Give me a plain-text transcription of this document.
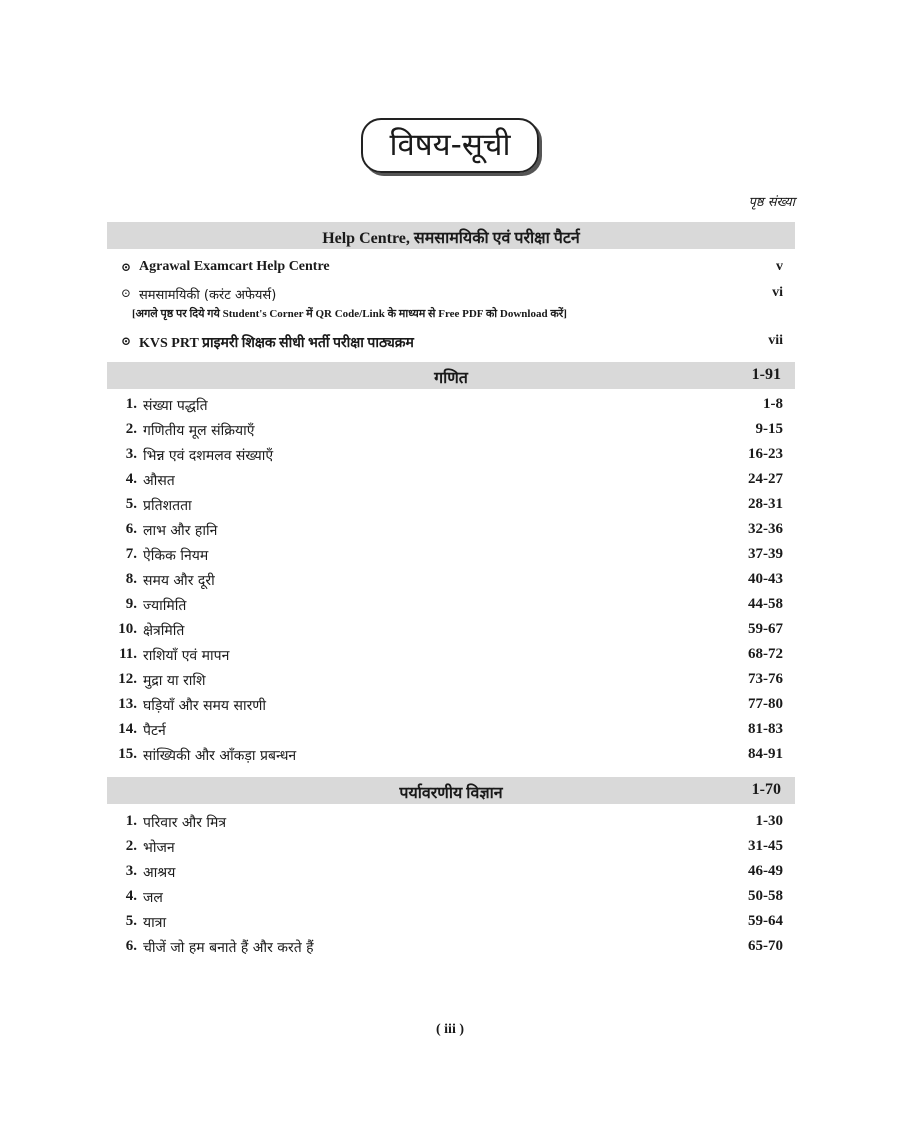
विषय-सूची
पृष्ठ संख्या
Help Centre, समसामयिकी एवं परीक्षा पैटर्न
⊙ Agrawal Examcart Help Centre	v
⊙ समसामयिकी (करंट अफेयर्स)	vi
[अगले पृष्ठ पर दिये गये Student's Corner में QR Code/Link के माध्यम से Free PDF को Download करें]
⊙ KVS PRT प्राइमरी शिक्षक सीधी भर्ती परीक्षा पाठ्यक्रम	vii
गणित	1-91
1. संख्या पद्धति	1-8
2. गणितीय मूल संक्रियाएँ	9-15
3. भिन्न एवं दशमलव संख्याएँ	16-23
4. औसत	24-27
5. प्रतिशतता	28-31
6. लाभ और हानि	32-36
7. ऐकिक नियम	37-39
8. समय और दूरी	40-43
9. ज्यामिति	44-58
10. क्षेत्रमिति	59-67
11. राशियाँ एवं मापन	68-72
12. मुद्रा या राशि	73-76
13. घड़ियाँ और समय सारणी	77-80
14. पैटर्न	81-83
15. सांख्यिकी और आँकड़ा प्रबन्धन	84-91
पर्यावरणीय विज्ञान	1-70
1. परिवार और मित्र	1-30
2. भोजन	31-45
3. आश्रय	46-49
4. जल	50-58
5. यात्रा	59-64
6. चीजें जो हम बनाते हैं और करते हैं	65-70
( iii )
